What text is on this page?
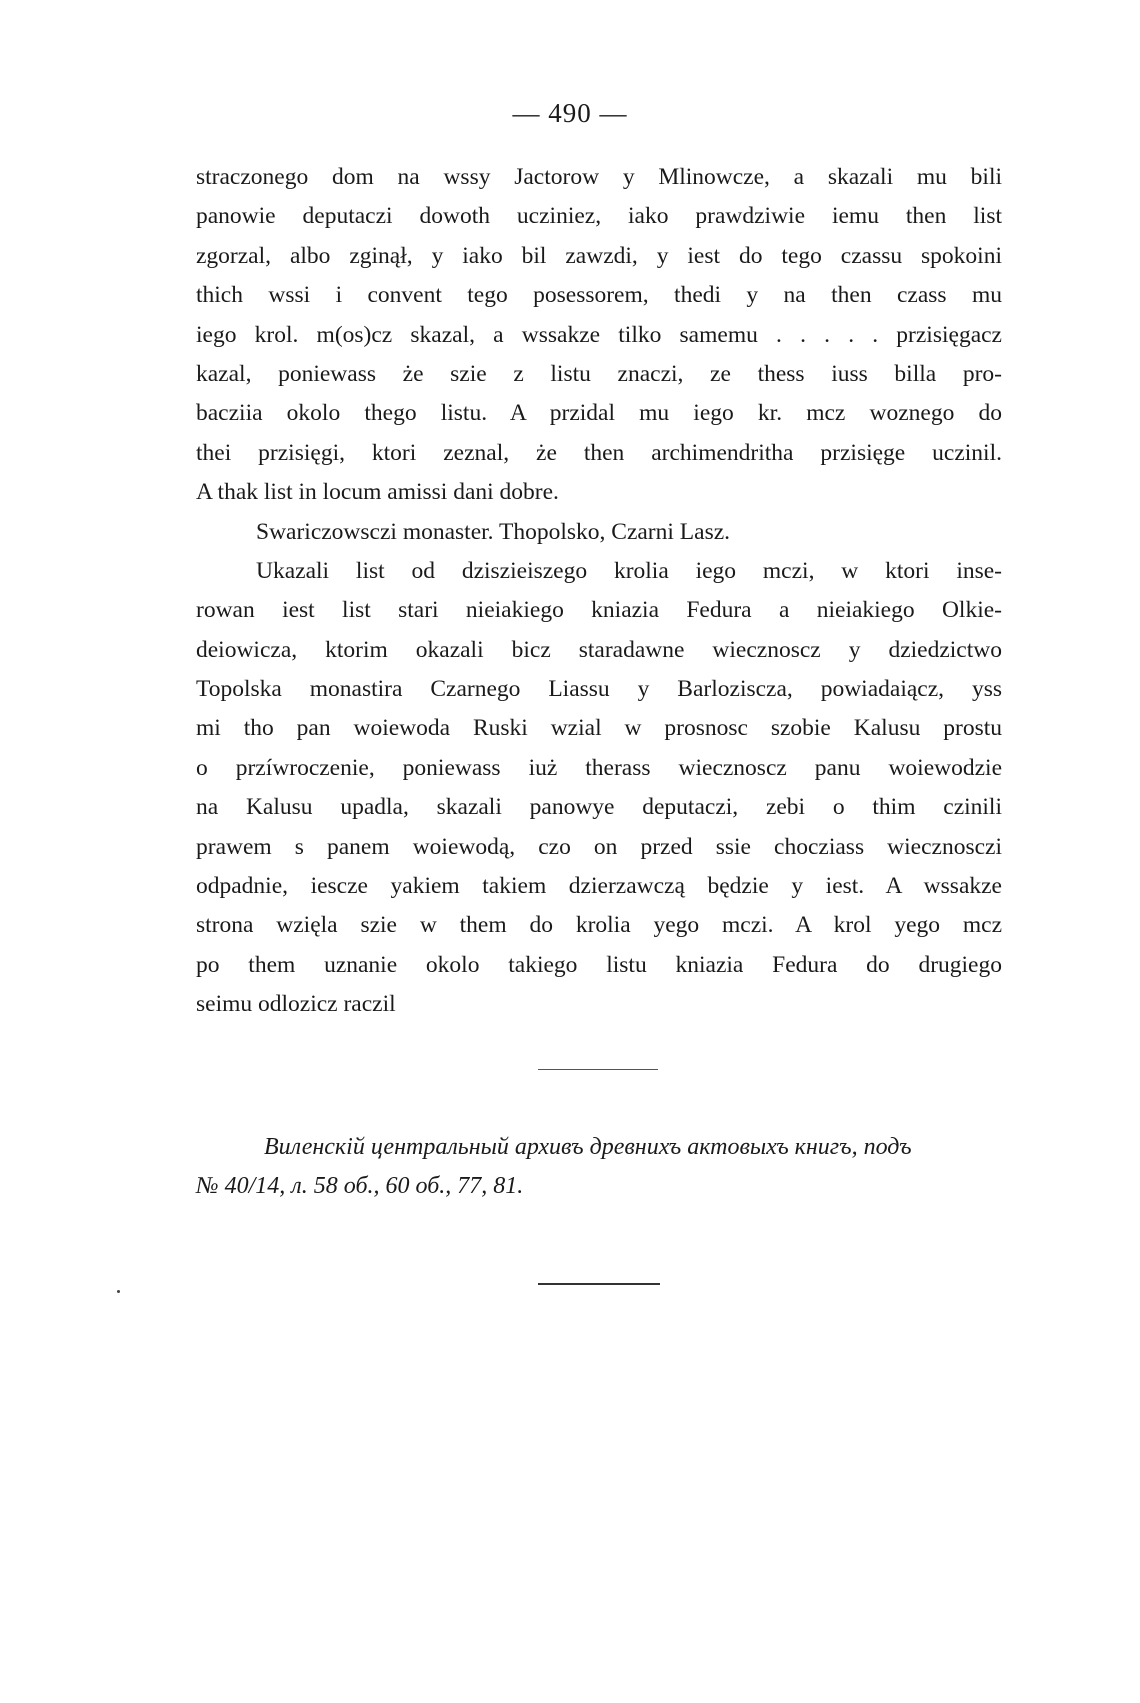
— 490 —
straczonego dom na wssy Jactorow y Mlinowcze, a skazali mu bili
panowie deputaczi dowoth ucziniez, iako prawdziwie iemu then list
zgorzal, albo zginął, y iako bil zawzdi, y iest do tego czassu spokoini
thich wssi i convent tego posessorem, thedi y na then czass mu
iego krol. m(os)cz skazal, a wssakze tilko samemu . . . . . przisięgacz
kazal, poniewass że szie z listu znaczi, ze thess iuss billa pro-
bacziia okolo thego listu. A przidal mu iego kr. mcz woznego do
thei przisięgi, ktori zeznal, że then archimendritha przisięge uczinil.
A thak list in locum amissi dani dobre.
Swariczowsczi monaster. Thopolsko, Czarni Lasz.
Ukazali list od dziszieiszego krolia iego mczi, w ktori inse-
rowan iest list stari nieiakiego kniazia Fedura a nieiakiego Olkie-
deiowicza, ktorim okazali bicz staradawne wiecznoscz y dziedzictwo
Topolska monastira Czarnego Liassu y Barloziscza, powiadaiącz, yss
mi tho pan woiewoda Ruski wzial w prosnosc szobie Kalusu prostu
o przíwroczenie, poniewass iuż therass wiecznoscz panu woiewodzie
na Kalusu upadla, skazali panowye deputaczi, zebi o thim czinili
prawem s panem woiewodą, czo on przed ssie chocziass wiecznosczi
odpadnie, iescze yakiem takiem dzierzawczą będzie y iest. A wssakze
strona wzięla szie w them do krolia yego mczi. A krol yego mcz
po them uznanie okolo takiego listu kniazia Fedura do drugiego
seimu odlozicz raczil
Виленскій центральный архивъ древнихъ актовыхъ книгъ, подъ
№ 40/14, л. 58 об., 60 об., 77, 81.
